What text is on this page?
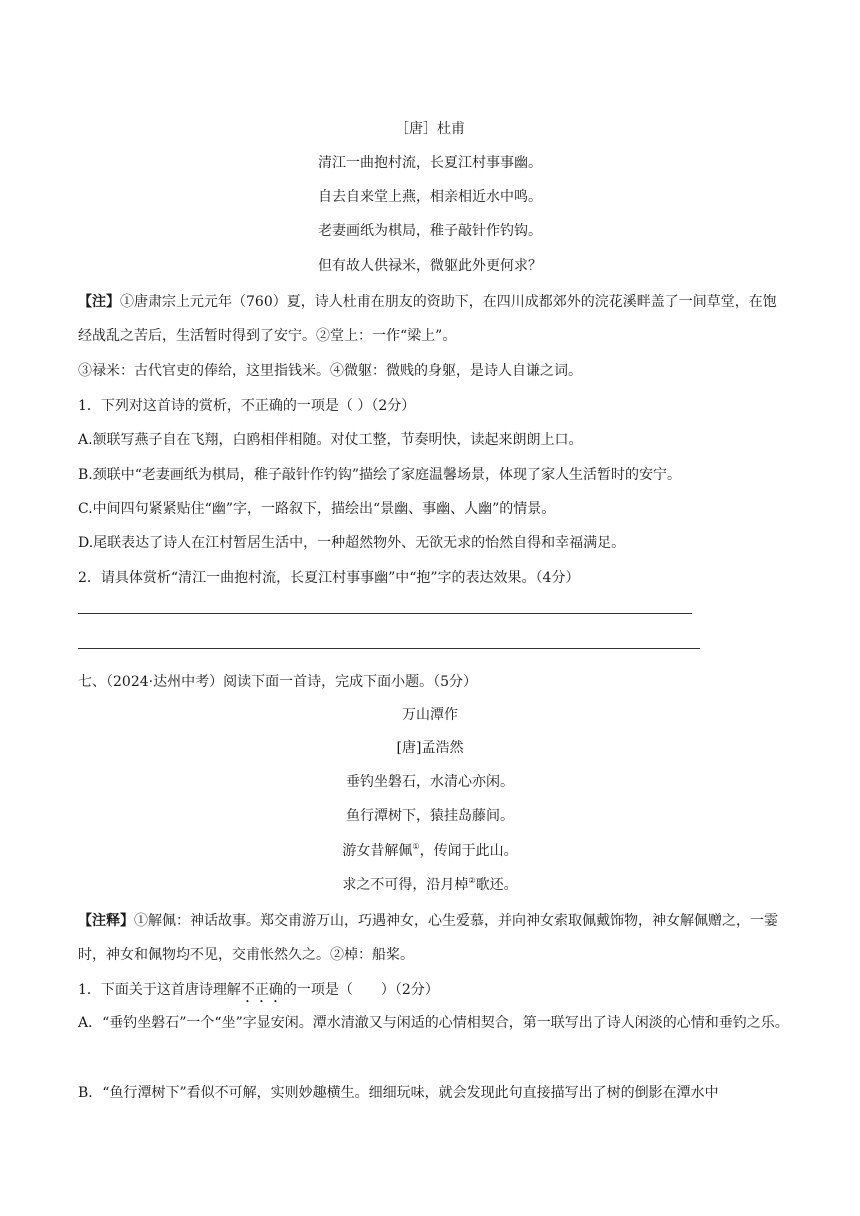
［唐］杜甫
清江一曲抱村流，长夏江村事事幽。
自去自来堂上燕，相亲相近水中鸣。
老妻画纸为棋局，稚子敲针作钓钩。
但有故人供禄米，微躯此外更何求？
【注】①唐肃宗上元元年（760）夏，诗人杜甫在朋友的资助下，在四川成都郊外的浣花溪畔盖了一间草堂，在饱经战乱之苦后，生活暂时得到了安宁。②堂上：一作“梁上”。
③禄米：古代官吏的俸给，这里指钱米。④微躯：微贱的身躯，是诗人自谦之词。
1．下列对这首诗的赏析，不正确的一项是（ ）（2分）
A.颔联写燕子自在飞翔，白鸥相伴相随。对仗工整，节奏明快，读起来朗朗上口。
B.颈联中“老妻画纸为棋局，稚子敲针作钓钩”描绘了家庭温馨场景，体现了家人生活暂时的安宁。
C.中间四句紧紧贴住“幽”字，一路叙下，描绘出“景幽、事幽、人幽”的情景。
D.尾联表达了诗人在江村暂居生活中，一种超然物外、无欲无求的怡然自得和幸福满足。
2．请具体赏析“清江一曲抱村流，长夏江村事事幽”中“抱”字的表达效果。（4分）
七、（2024·达州中考）阅读下面一首诗，完成下面小题。（5分）
万山潭作
[唐]孟浩然
垂钓坐磐石，水清心亦闲。
鱼行潭树下，猿挂岛藤间。
游女昔解佩①，传闻于此山。
求之不可得，沿月棹②歌还。
【注释】①解佩：神话故事。郑交甫游万山，巧遇神女，心生爱慕，并向神女索取佩戴饰物，神女解佩赠之，一霎时，神女和佩物均不见，交甫怅然久之。②棹：船桨。
1．下面关于这首唐诗理解不正确的一项是（　　）（2分）
A．“垂钓坐磐石”一个“坐”字显安闲。潭水清澈又与闲适的心情相契合，第一联写出了诗人闲淡的心情和垂钓之乐。
B．“鱼行潭树下”看似不可解，实则妙趣横生。细细玩味，就会发现此句直接描写出了树的倒影在潭水中
